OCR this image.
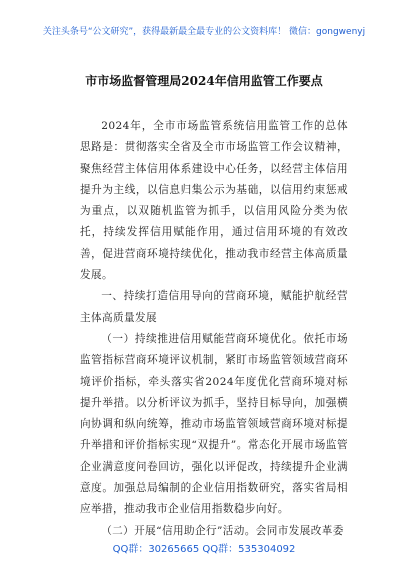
关注头条号“公文研究”，获得最新最全最专业的公文资料库！ 微信：gongwenyj
市市场监督管理局2024年信用监管工作要点

2024年，全市市场监管系统信用监管工作的总体思路是：贯彻落实全省及全市市场监管工作会议精神，聚焦经营主体信用体系建设中心任务，以经营主体信用提升为主线，以信息归集公示为基础，以信用约束惩戒为重点，以双随机监管为抓手，以信用风险分类为依托，持续发挥信用赋能作用，通过信用环境的有效改善，促进营商环境持续优化，推动我市经营主体高质量发展。

一、持续打造信用导向的营商环境，赋能护航经营主体高质量发展

（一）持续推进信用赋能营商环境优化。依托市场监管指标营商环境评议机制，紧盯市场监管领域营商环境评价指标，牵头落实省2024年度优化营商环境对标提升举措。以分析评议为抓手，坚持目标导向，加强横向协调和纵向统筹，推动市场监管领域营商环境对标提升举措和评价指标实现“双提升”。常态化开展市场监管企业满意度问卷回访，强化以评促改，持续提升企业满意度。加强总局编制的企业信用指数研究，落实省局相应举措，推动我市企业信用指数稳步向好。

（二）开展“信用助企行”活动。会同市发展改革委

QQ群：30265665 QQ群：535304092
